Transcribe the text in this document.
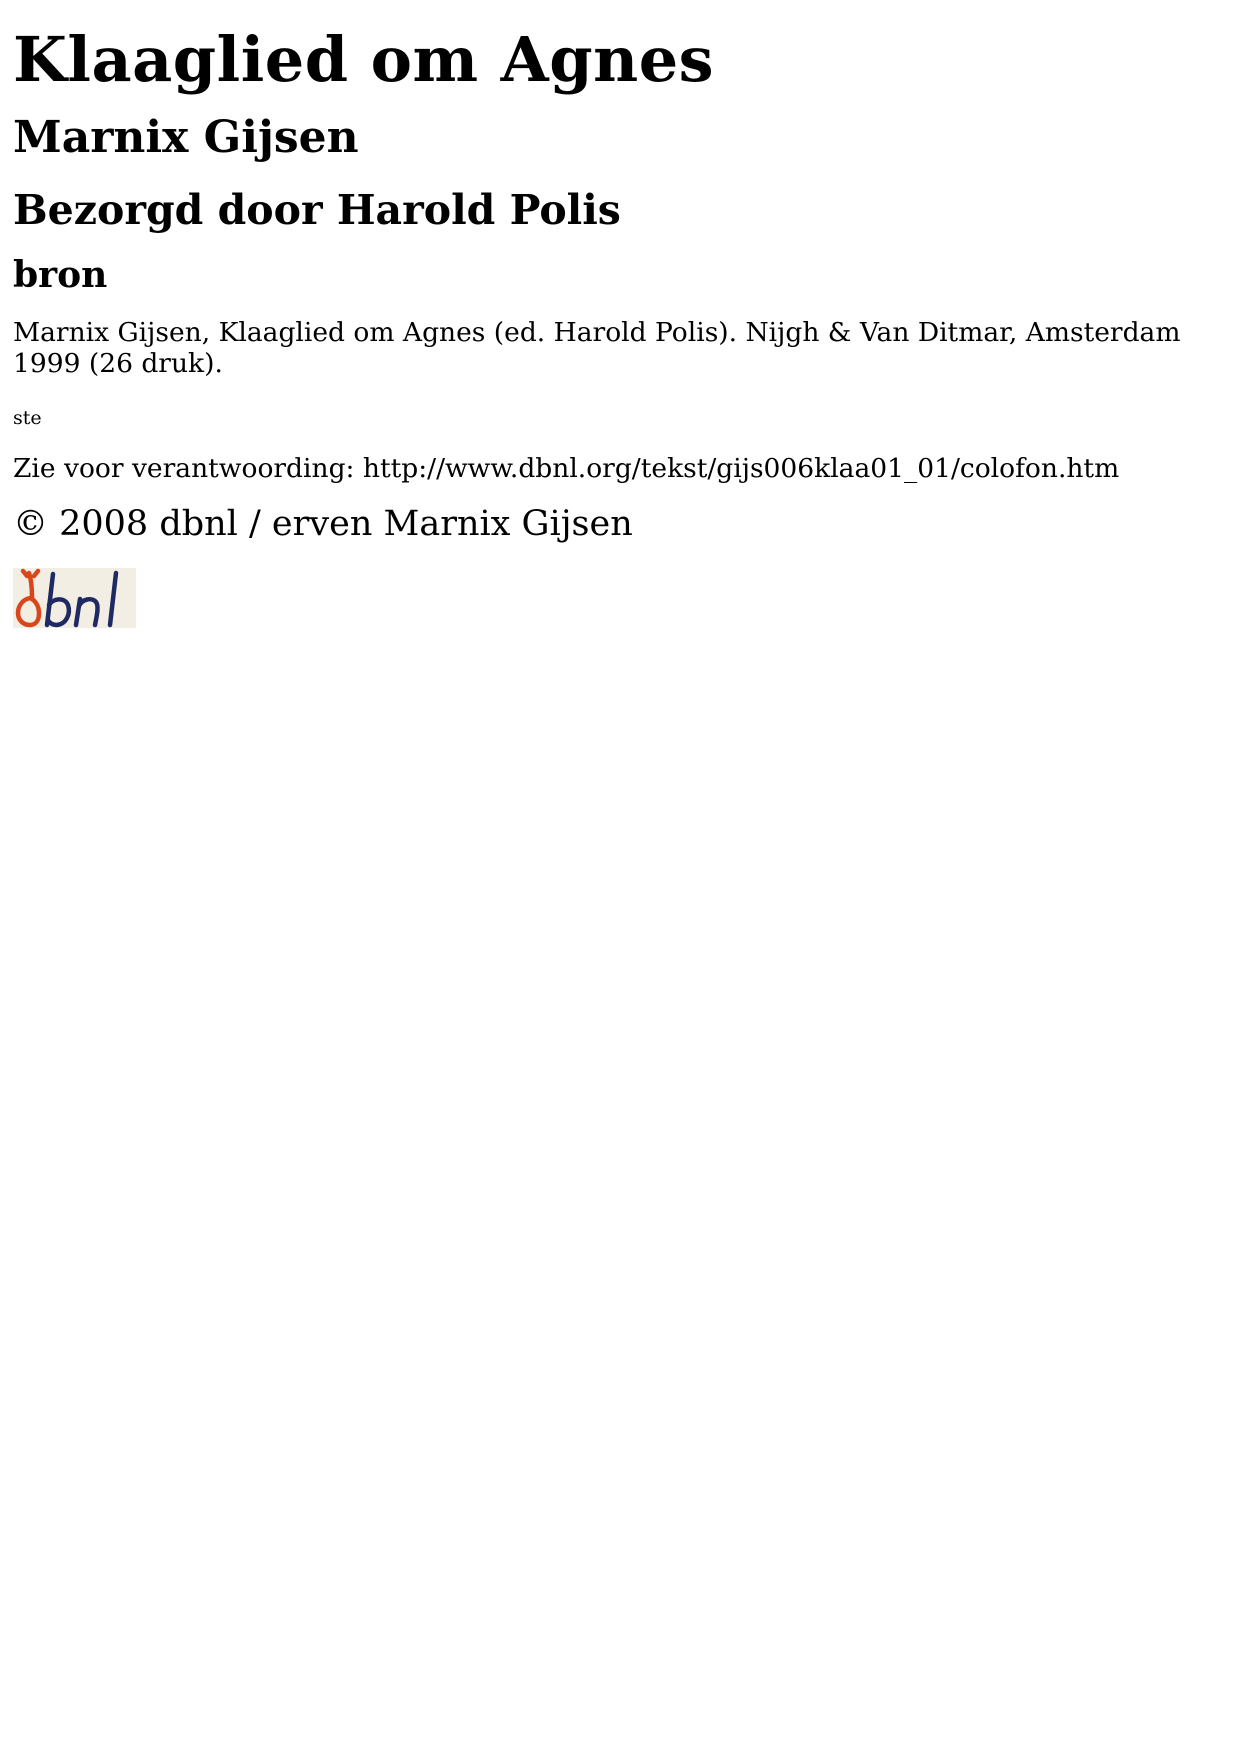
Klaaglied om Agnes
Marnix Gijsen
Bezorgd door Harold Polis
bron

Marnix Gijsen, Klaaglied om Agnes (ed. Harold Polis). Nijgh & Van Ditmar, Amsterdam
1999 (26 druk).

ste

Zie voor verantwoording: http://www.dbnl.org/tekst/gijs006klaa01_01/colofon.htm

© 2008 dbnl / erven Marnix Gijsen
